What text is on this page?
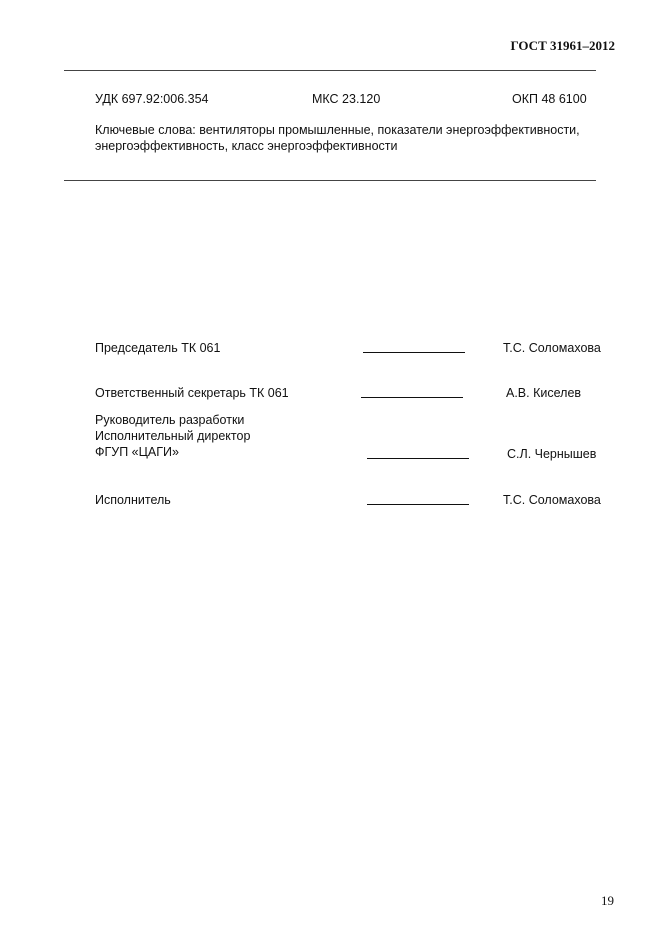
ГОСТ 31961–2012
УДК 697.92:006.354	МКС 23.120	ОКП 48 6100
Ключевые слова: вентиляторы промышленные, показатели энергоэффективности,
энергоэффективность, класс энергоэффективности
Председатель ТК 061	Т.С. Соломахова
Ответственный секретарь ТК 061	А.В. Киселев
Руководитель разработки
Исполнительный директор
ФГУП «ЦАГИ»	С.Л. Чернышев
Исполнитель	Т.С. Соломахова
19
